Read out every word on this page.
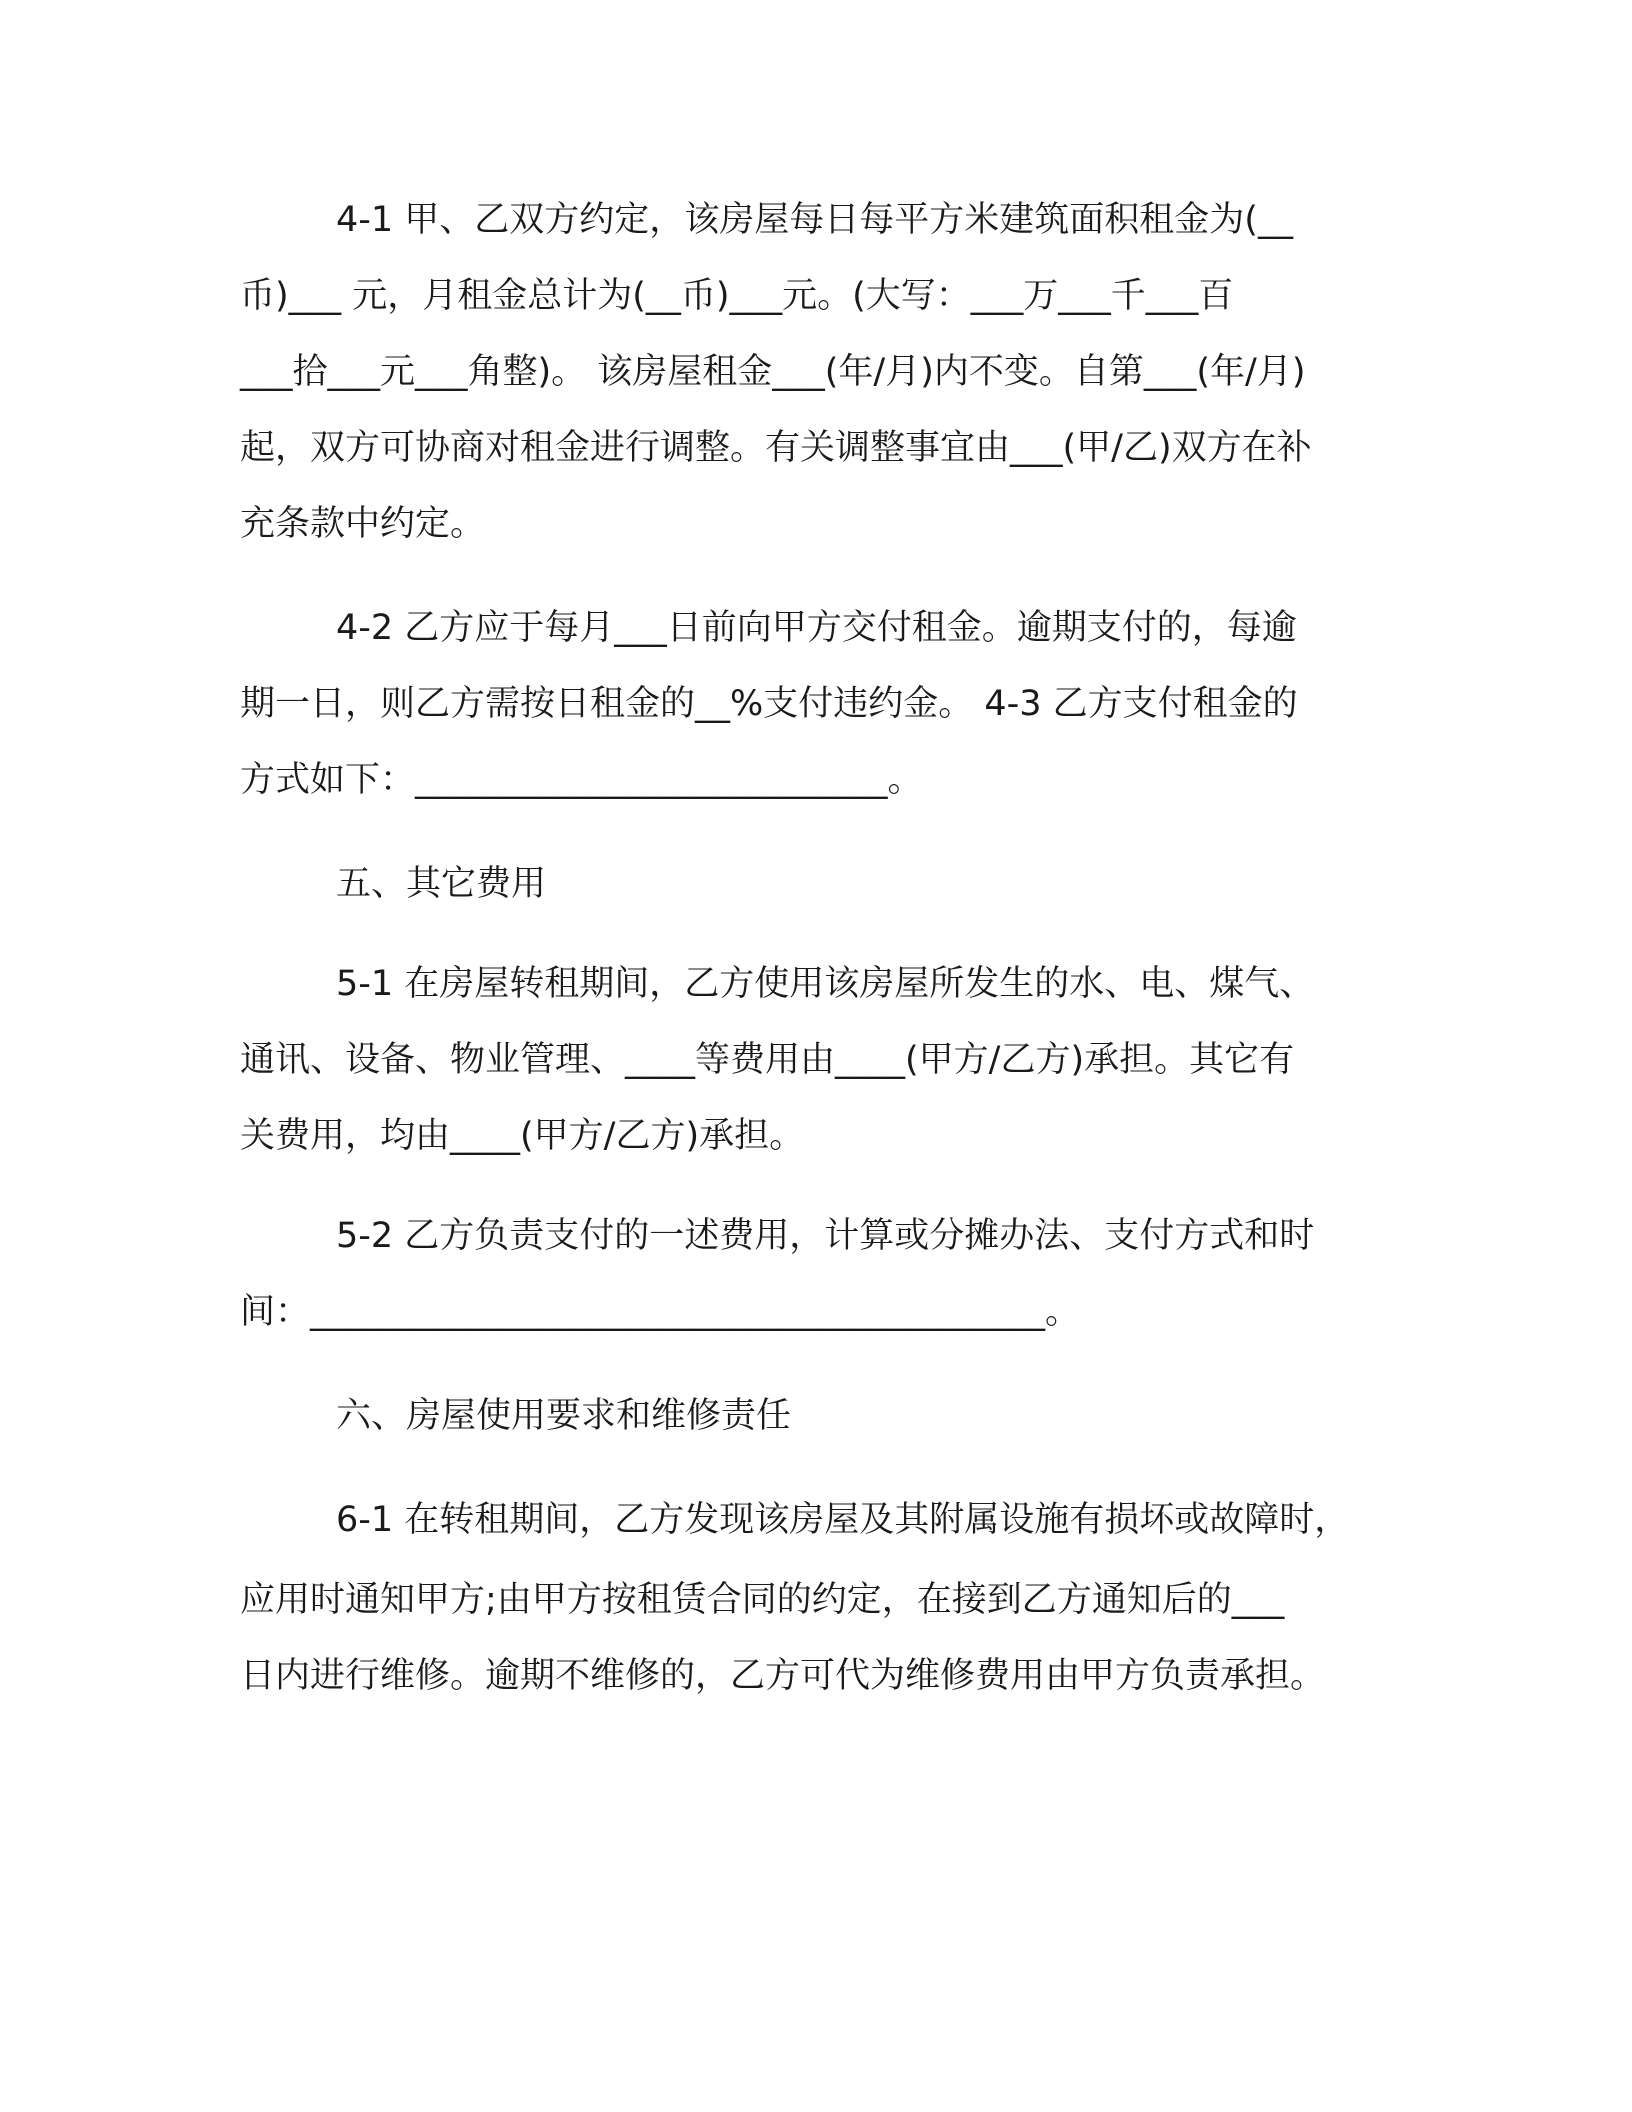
4-1 甲、乙双方约定，该房屋每日每平方米建筑面积租金为(__
币)___ 元，月租金总计为(__币)___元。(大写：___万___千___百
___拾___元___角整)。 该房屋租金___(年/月)内不变。自第___(年/月)
起，双方可协商对租金进行调整。有关调整事宜由___(甲/乙)双方在补
充条款中约定。
4-2 乙方应于每月___日前向甲方交付租金。逾期支付的，每逾
期一日，则乙方需按日租金的__%支付违约金。 4-3 乙方支付租金的
方式如下：___________________________。
五、其它费用
5-1 在房屋转租期间，乙方使用该房屋所发生的水、电、煤气、
通讯、设备、物业管理、____等费用由____(甲方/乙方)承担。其它有
关费用，均由____(甲方/乙方)承担。
5-2 乙方负责支付的一述费用，计算或分摊办法、支付方式和时
间：__________________________________________。
六、房屋使用要求和维修责任
6-1 在转租期间，乙方发现该房屋及其附属设施有损坏或故障时，
应用时通知甲方;由甲方按租赁合同的约定，在接到乙方通知后的___
日内进行维修。逾期不维修的，乙方可代为维修费用由甲方负责承担。
